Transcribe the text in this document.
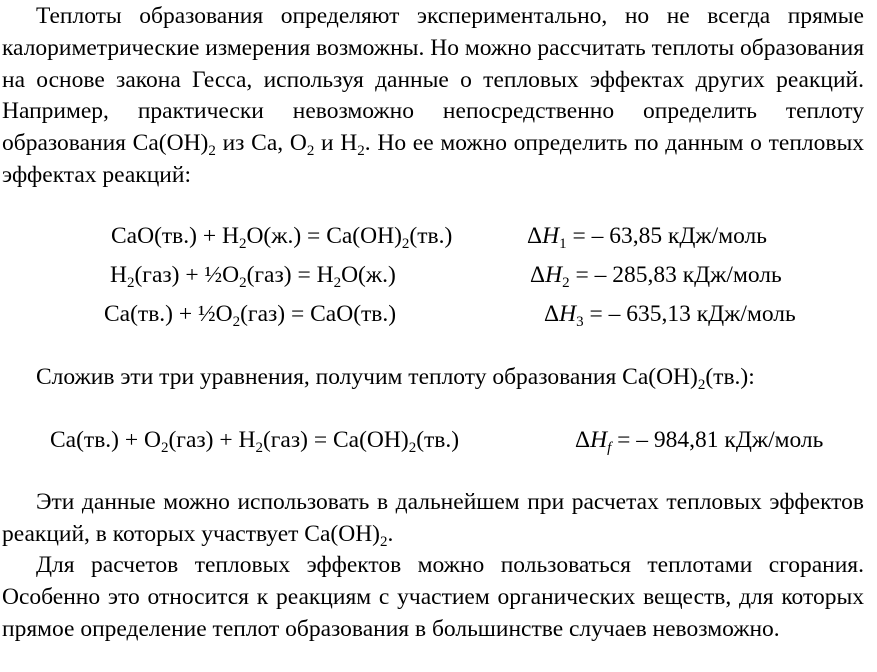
Теплоты образования определяют экспериментально, но не всегда прямые калориметрические измерения возможны. Но можно рассчитать теплоты образования на основе закона Гесса, используя данные о тепловых эффектах других реакций. Например, практически невозможно непосредственно определить теплоту образования $Ca(OH)_2$ из Ca, $O_2$ и $H_2$. Но ее можно определить по данным о тепловых эффектах реакций:

$CaO(тв.) + H_2O(ж.) = Ca(OH)_2(тв.)$	$\Delta H_1$ = – 63,85 кДж/моль
$H_2(газ)$ + $\frac{1}{2}O_2(газ) = H_2O(ж.)$	$\Delta H_2$ = – 285,83 кДж/моль
$Ca(тв.) + \frac{1}{2}O_2(газ) = CaO(тв.)$	$\Delta H_3$ = – 635,13 кДж/моль

Сложив эти три уравнения, получим теплоту образования $Ca(OH)_2(тв.)$:

$Ca(тв.) + O_2(газ) + H_2(газ) = Ca(OH)_2(тв.)$	$\Delta H_f$ = – 984,81 кДж/моль

Эти данные можно использовать в дальнейшем при расчетах тепловых эффектов реакций, в которых участвует $Ca(OH)_2$.

Для расчетов тепловых эффектов можно пользоваться теплотами сгорания. Особенно это относится к реакциям с участием органических веществ, для которых прямое определение теплот образования в большинстве случаев невозможно.
